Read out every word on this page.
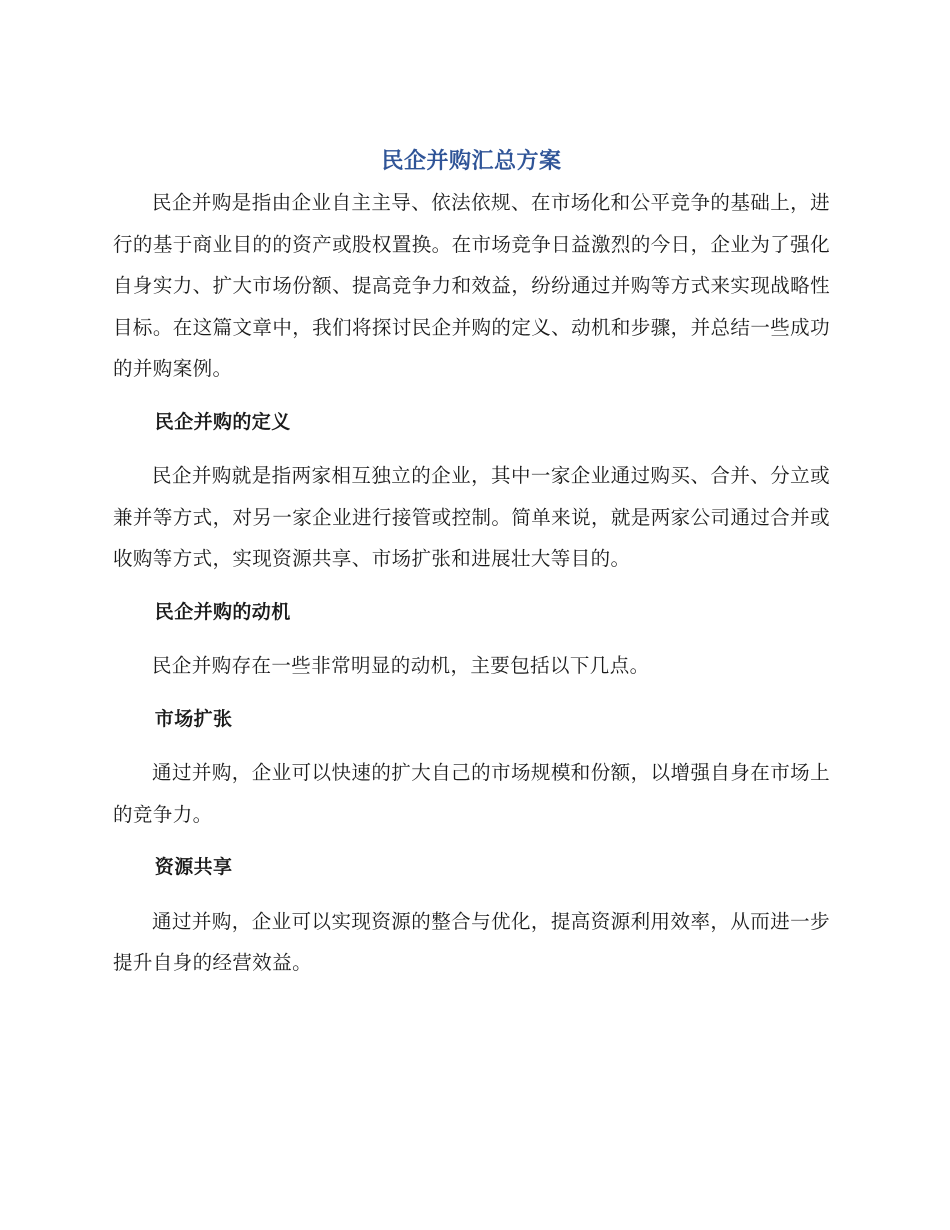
民企并购汇总方案

民企并购是指由企业自主主导、依法依规、在市场化和公平竞争的基础上，进行的基于商业目的的资产或股权置换。在市场竞争日益激烈的今日，企业为了强化自身实力、扩大市场份额、提高竞争力和效益，纷纷通过并购等方式来实现战略性目标。在这篇文章中，我们将探讨民企并购的定义、动机和步骤，并总结一些成功的并购案例。

民企并购的定义

民企并购就是指两家相互独立的企业，其中一家企业通过购买、合并、分立或兼并等方式，对另一家企业进行接管或控制。简单来说，就是两家公司通过合并或收购等方式，实现资源共享、市场扩张和进展壮大等目的。

民企并购的动机

民企并购存在一些非常明显的动机，主要包括以下几点。

市场扩张

通过并购，企业可以快速的扩大自己的市场规模和份额，以增强自身在市场上的竞争力。

资源共享

通过并购，企业可以实现资源的整合与优化，提高资源利用效率，从而进一步提升自身的经营效益。
